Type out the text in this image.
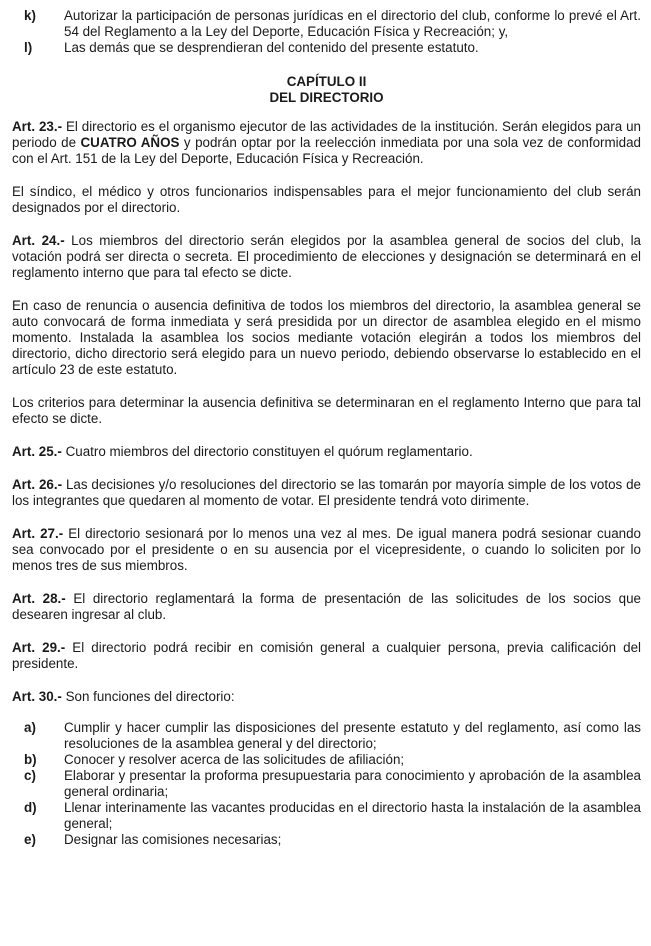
k)	Autorizar la participación de personas jurídicas en el directorio del club, conforme lo prevé el Art. 54 del Reglamento a la Ley del Deporte, Educación Física y Recreación; y,
l)	Las demás que se desprendieran del contenido del presente estatuto.
CAPÍTULO II
DEL DIRECTORIO

Art. 23.- El directorio es el organismo ejecutor de las actividades de la institución. Serán elegidos para un periodo de CUATRO AÑOS y podrán optar por la reelección inmediata por una sola vez de conformidad con el Art. 151 de la Ley del Deporte, Educación Física y Recreación.

El síndico, el médico y otros funcionarios indispensables para el mejor funcionamiento del club serán designados por el directorio.

Art. 24.- Los miembros del directorio serán elegidos por la asamblea general de socios del club, la votación podrá ser directa o secreta. El procedimiento de elecciones y designación se determinará en el reglamento interno que para tal efecto se dicte.

En caso de renuncia o ausencia definitiva de todos los miembros del directorio, la asamblea general se auto convocará de forma inmediata y será presidida por un director de asamblea elegido en el mismo momento. Instalada la asamblea los socios mediante votación elegirán a todos los miembros del directorio, dicho directorio será elegido para un nuevo periodo, debiendo observarse lo establecido en el artículo 23 de este estatuto.

Los criterios para determinar la ausencia definitiva se determinaran en el reglamento Interno que para tal efecto se dicte.

Art. 25.- Cuatro miembros del directorio constituyen el quórum reglamentario.

Art. 26.- Las decisiones y/o resoluciones del directorio se las tomarán por mayoría simple de los votos de los integrantes que quedaren al momento de votar. El presidente tendrá voto dirimente.

Art. 27.- El directorio sesionará por lo menos una vez al mes. De igual manera podrá sesionar cuando sea convocado por el presidente o en su ausencia por el vicepresidente, o cuando lo soliciten por lo menos tres de sus miembros.

Art. 28.- El directorio reglamentará la forma de presentación de las solicitudes de los socios que desearen ingresar al club.

Art. 29.- El directorio podrá recibir en comisión general a cualquier persona, previa calificación del presidente.

Art. 30.- Son funciones del directorio:

a)	Cumplir y hacer cumplir las disposiciones del presente estatuto y del reglamento, así como las resoluciones de la asamblea general y del directorio;
b)	Conocer y resolver acerca de las solicitudes de afiliación;
c)	Elaborar y presentar la proforma presupuestaria para conocimiento y aprobación de la asamblea general ordinaria;
d)	Llenar interinamente las vacantes producidas en el directorio hasta la instalación de la asamblea general;
e)	Designar las comisiones necesarias;
